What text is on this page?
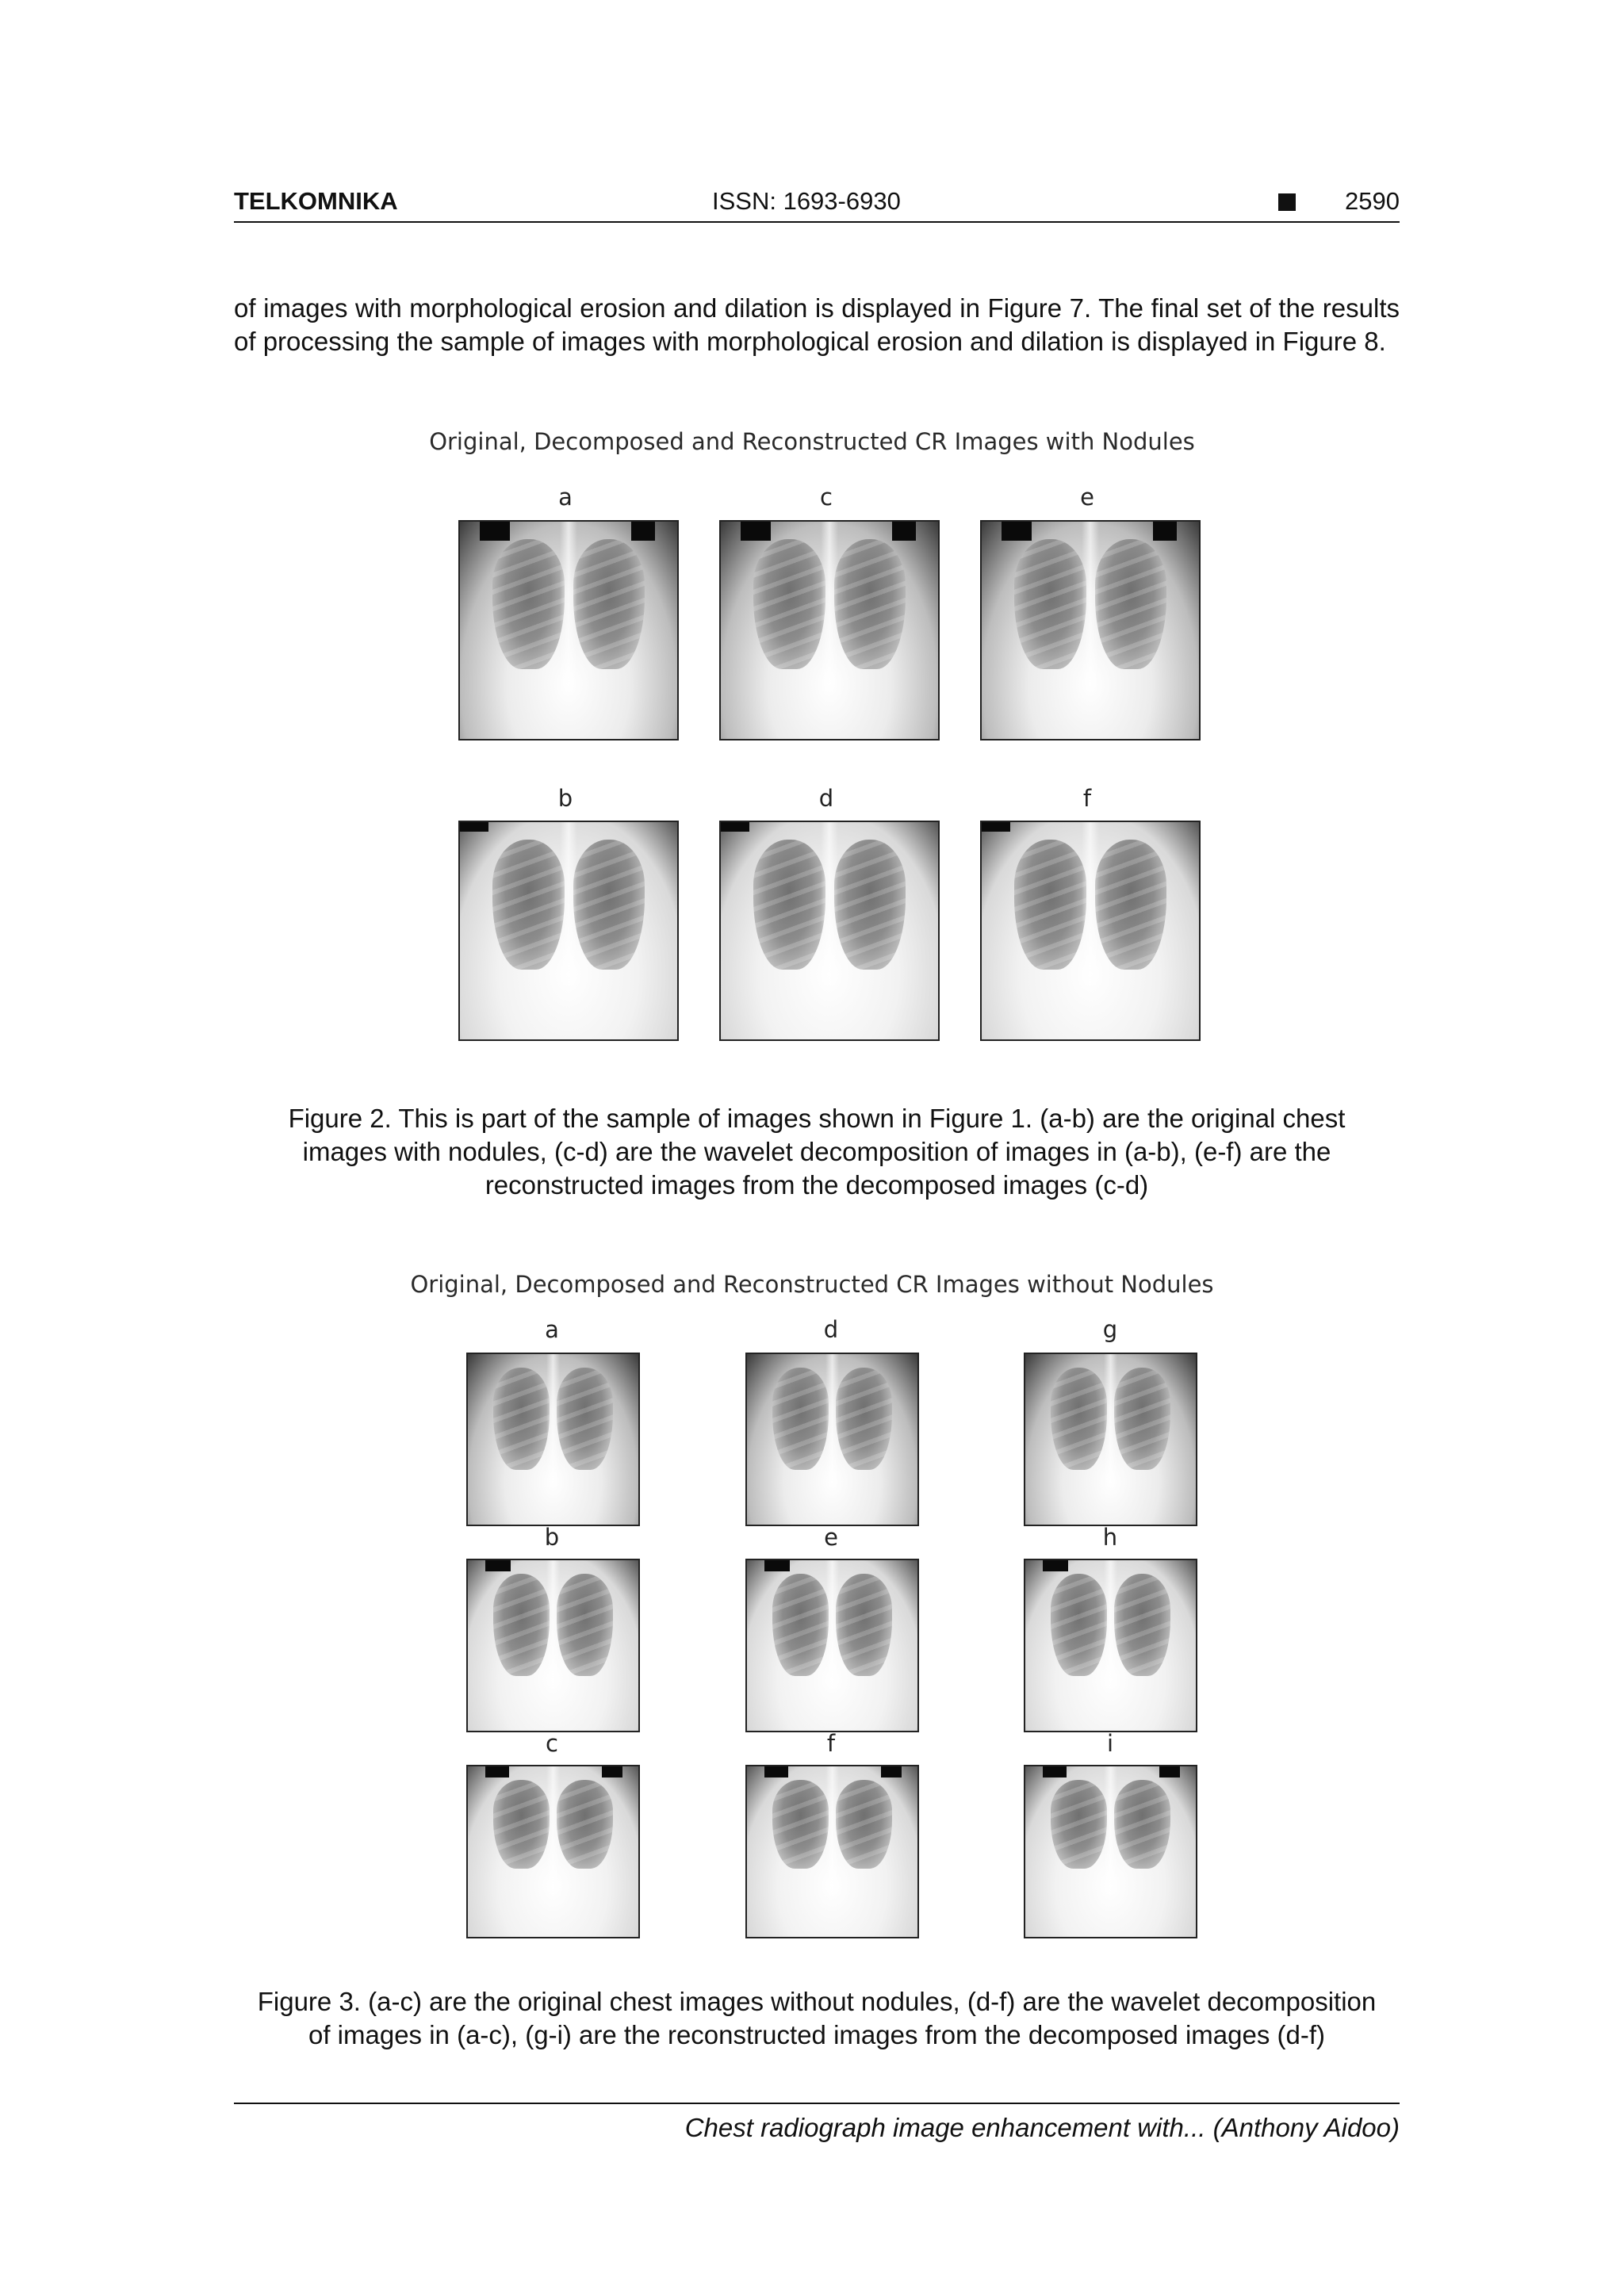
TELKOMNIKA	ISSN: 1693-6930	2590
of images with morphological erosion and dilation is displayed in Figure 7. The final set of the results of processing the sample of images with morphological erosion and dilation is displayed in Figure 8.
Original, Decomposed and Reconstructed CR Images with Nodules
a	c	e
b	d	f
Figure 2. This is part of the sample of images shown in Figure 1. (a-b) are the original chest
images with nodules, (c-d) are the wavelet decomposition of images in (a-b), (e-f) are the
reconstructed images from the decomposed images (c-d)
Original, Decomposed and Reconstructed CR Images without Nodules
a	d	g
b	e	h
c	f	i
Figure 3. (a-c) are the original chest images without nodules, (d-f) are the wavelet decomposition
of images in (a-c), (g-i) are the reconstructed images from the decomposed images (d-f)
Chest radiograph image enhancement with... (Anthony Aidoo)
